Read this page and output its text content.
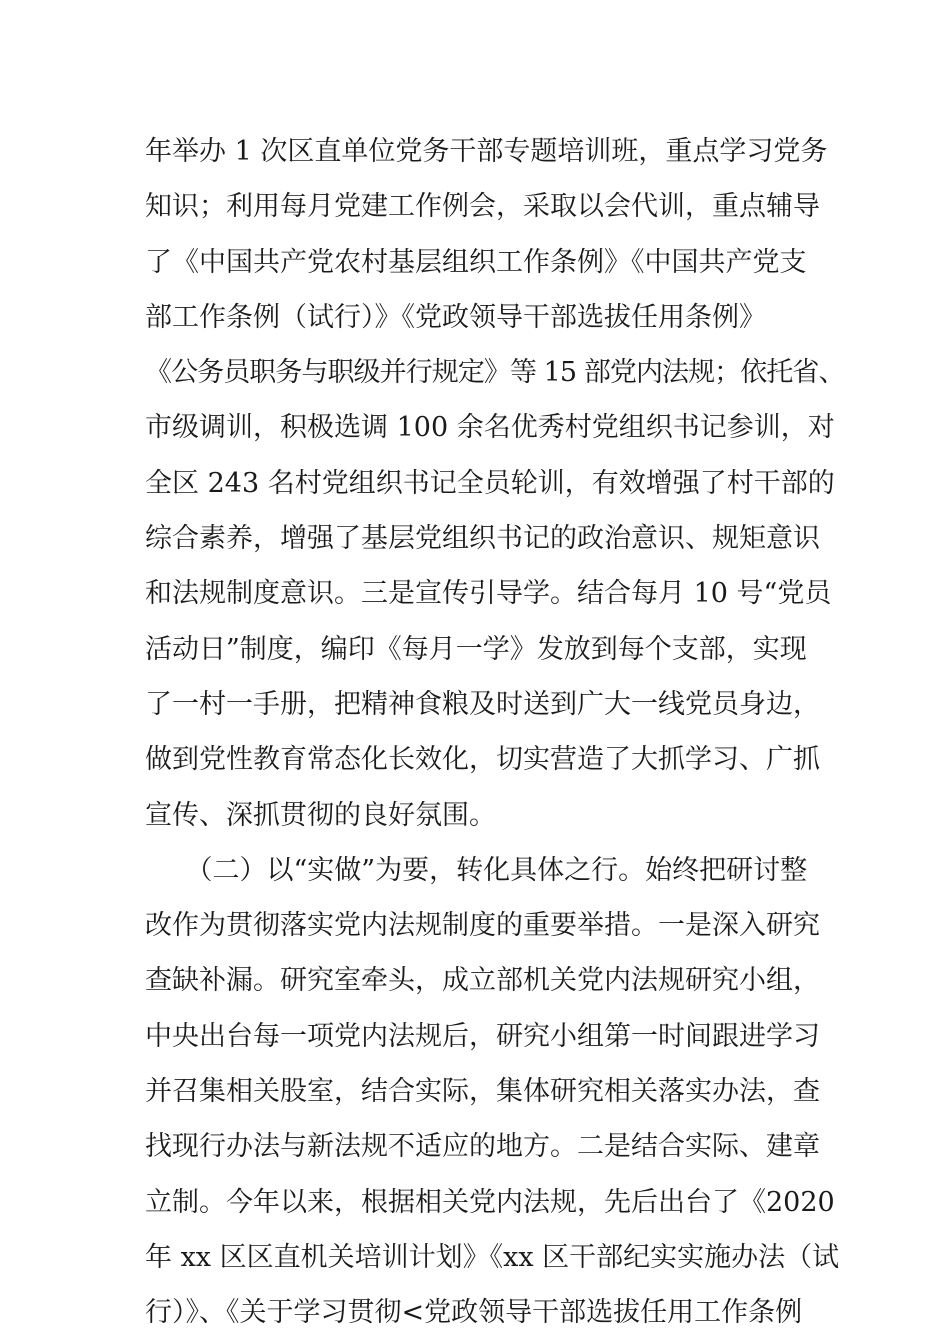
年举办 1 次区直单位党务干部专题培训班，重点学习党务

知识；利用每月党建工作例会，采取以会代训，重点辅导

了《中国共产党农村基层组织工作条例》《中国共产党支

部工作条例（试行）》《党政领导干部选拔任用条例》

《公务员职务与职级并行规定》等 15 部党内法规；依托省、

市级调训，积极选调 100 余名优秀村党组织书记参训，对

全区 243 名村党组织书记全员轮训，有效增强了村干部的

综合素养，增强了基层党组织书记的政治意识、规矩意识

和法规制度意识。三是宣传引导学。结合每月 10 号“党员

活动日”制度，编印《每月一学》发放到每个支部，实现

了一村一手册，把精神食粮及时送到广大一线党员身边，

做到党性教育常态化长效化，切实营造了大抓学习、广抓

宣传、深抓贯彻的良好氛围。

　　（二）以“实做”为要，转化具体之行。始终把研讨整

改作为贯彻落实党内法规制度的重要举措。一是深入研究

查缺补漏。研究室牵头，成立部机关党内法规研究小组，

中央出台每一项党内法规后，研究小组第一时间跟进学习

并召集相关股室，结合实际，集体研究相关落实办法，查

找现行办法与新法规不适应的地方。二是结合实际、建章

立制。今年以来，根据相关党内法规，先后出台了《2020

年 xx 区区直机关培训计划》《xx 区干部纪实实施办法（试

行）》、《关于学习贯彻<党政领导干部选拔任用工作条例
